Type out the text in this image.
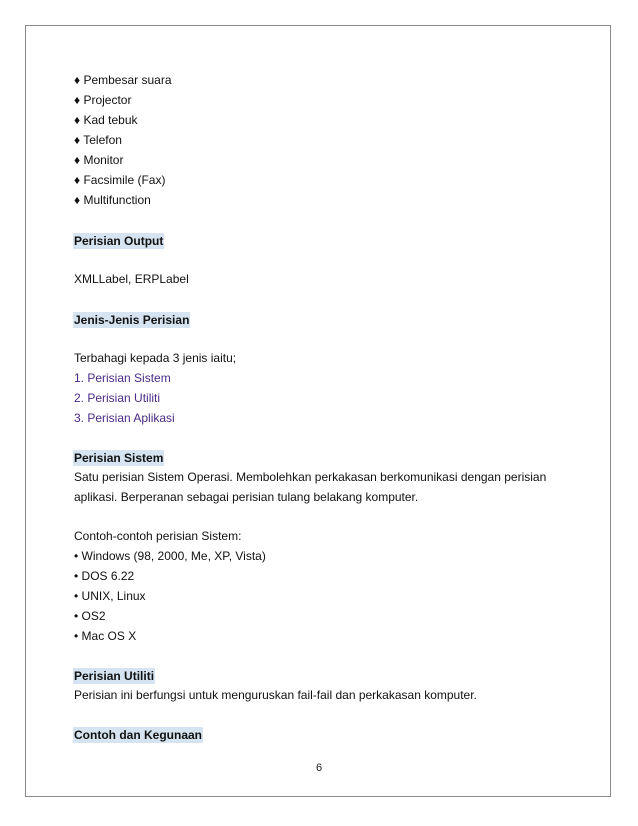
♦ Pembesar suara
♦ Projector
♦ Kad tebuk
♦ Telefon
♦ Monitor
♦ Facsimile (Fax)
♦ Multifunction
Perisian Output
XMLLabel, ERPLabel
Jenis-Jenis Perisian
Terbahagi kepada 3 jenis iaitu;
1. Perisian Sistem
2. Perisian Utiliti
3. Perisian Aplikasi
Perisian Sistem
Satu perisian Sistem Operasi. Membolehkan perkakasan berkomunikasi dengan perisian
aplikasi. Berperanan sebagai perisian tulang belakang komputer.
Contoh-contoh perisian Sistem:
• Windows (98, 2000, Me, XP, Vista)
• DOS 6.22
• UNIX, Linux
• OS2
• Mac OS X
Perisian Utiliti
Perisian ini berfungsi untuk menguruskan fail-fail dan perkakasan komputer.
Contoh dan Kegunaan
6
